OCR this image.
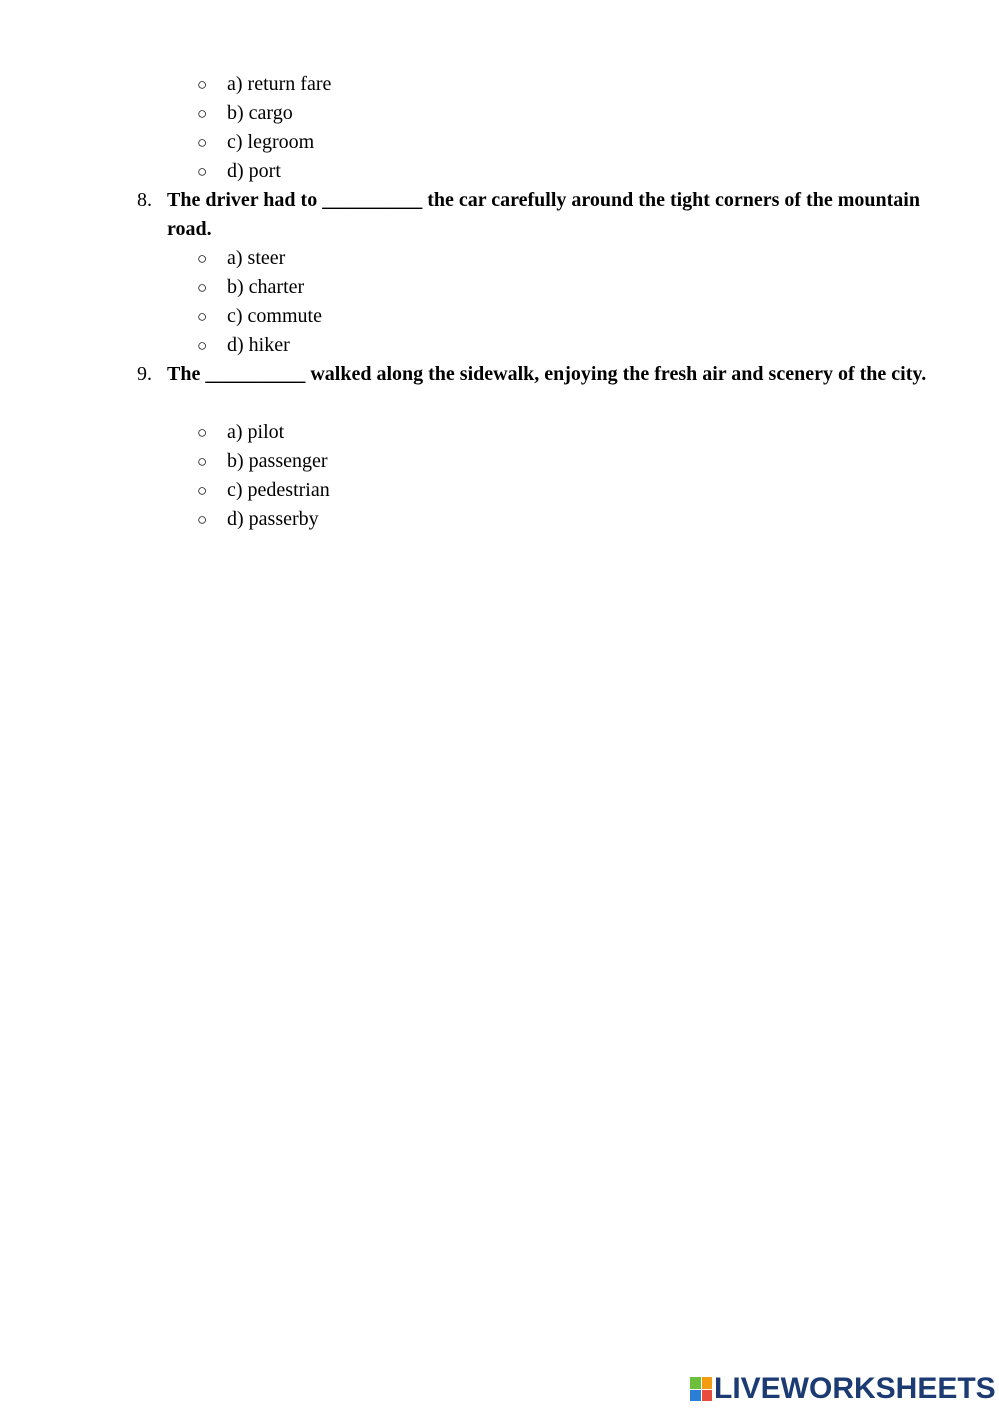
○ a) return fare
○ b) cargo
○ c) legroom
○ d) port
8. The driver had to __________ the car carefully around the tight corners of the mountain road.
○ a) steer
○ b) charter
○ c) commute
○ d) hiker
9. The __________ walked along the sidewalk, enjoying the fresh air and scenery of the city.
○ a) pilot
○ b) passenger
○ c) pedestrian
○ d) passerby
LIVEWORKSHEETS
